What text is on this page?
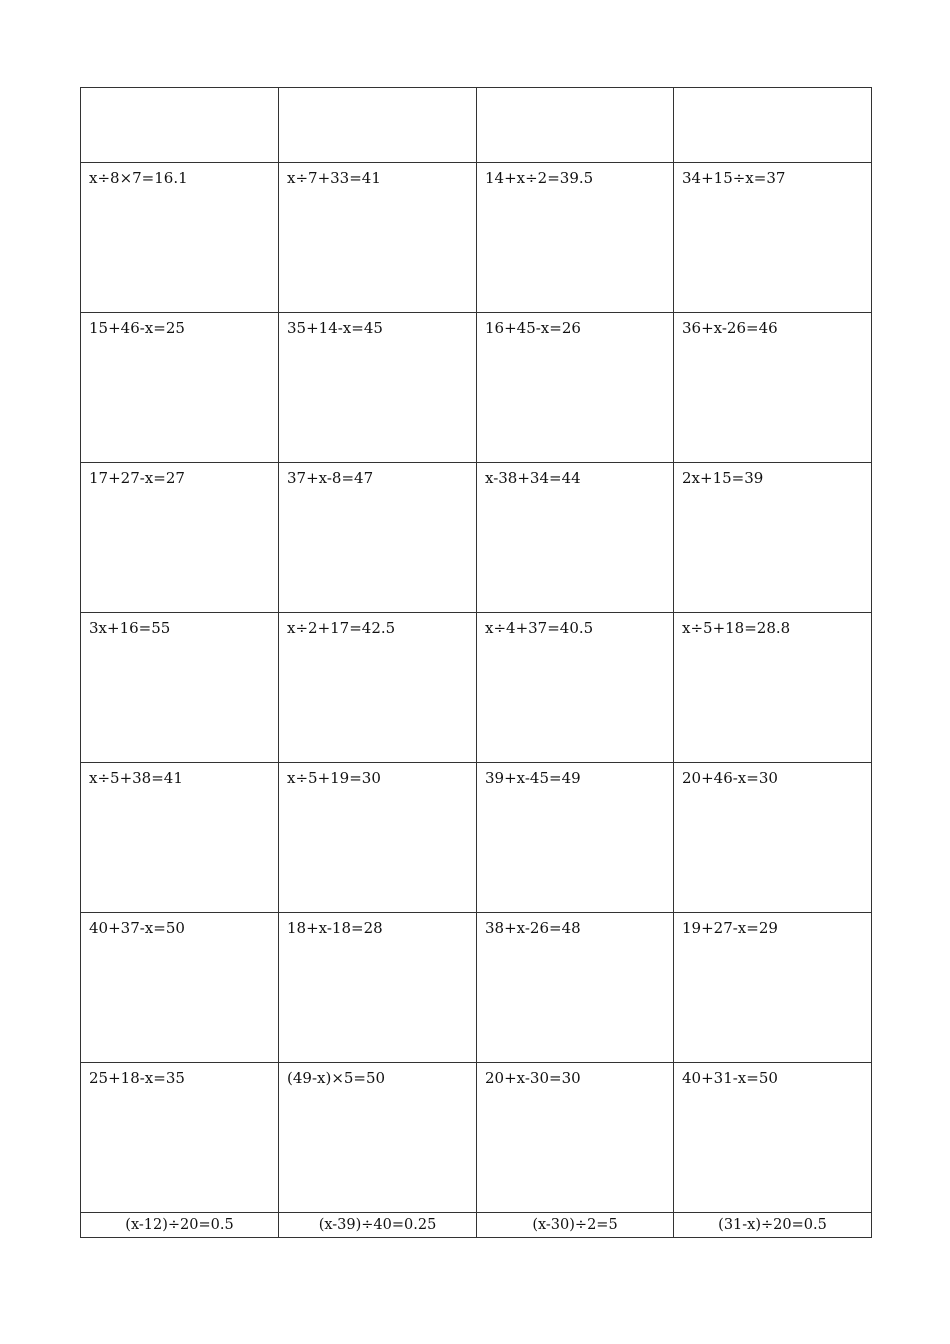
x÷8×7=16.1	x÷7+33=41	14+x÷2=39.5	34+15÷x=37

15+46-x=25	35+14-x=45	16+45-x=26	36+x-26=46

17+27-x=27	37+x-8=47	x-38+34=44	2x+15=39

3x+16=55	x÷2+17=42.5	x÷4+37=40.5	x÷5+18=28.8

x÷5+38=41	x÷5+19=30	39+x-45=49	20+46-x=30

40+37-x=50	18+x-18=28	38+x-26=48	19+27-x=29

25+18-x=35	(49-x)×5=50	20+x-30=30	40+31-x=50

(x-12)÷20=0.5	(x-39)÷40=0.25	(x-30)÷2=5	(31-x)÷20=0.5
